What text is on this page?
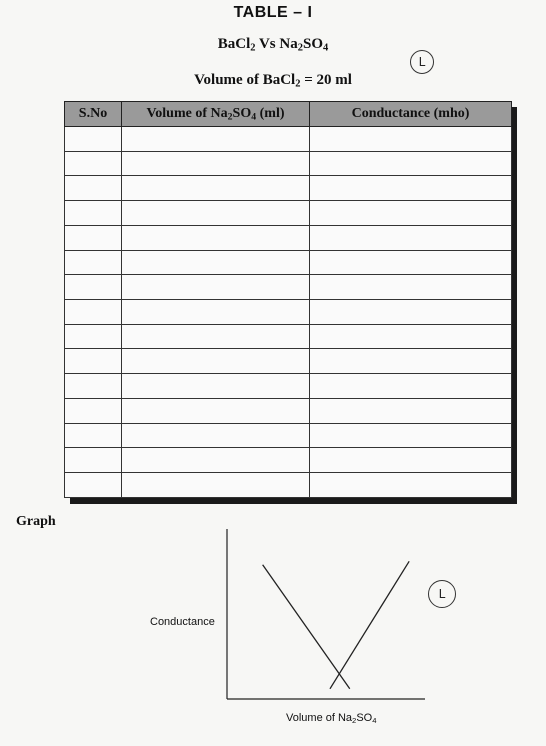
TABLE – I
BaCl$_2$ Vs $Na_2SO_4$
Volume of BaCl$_2$ = 20 ml
L
S.No	Volume of $Na_2SO_4$ (ml)	Conductance (mho)

Graph
Conductance
Volume of $Na_2SO_4$
L
